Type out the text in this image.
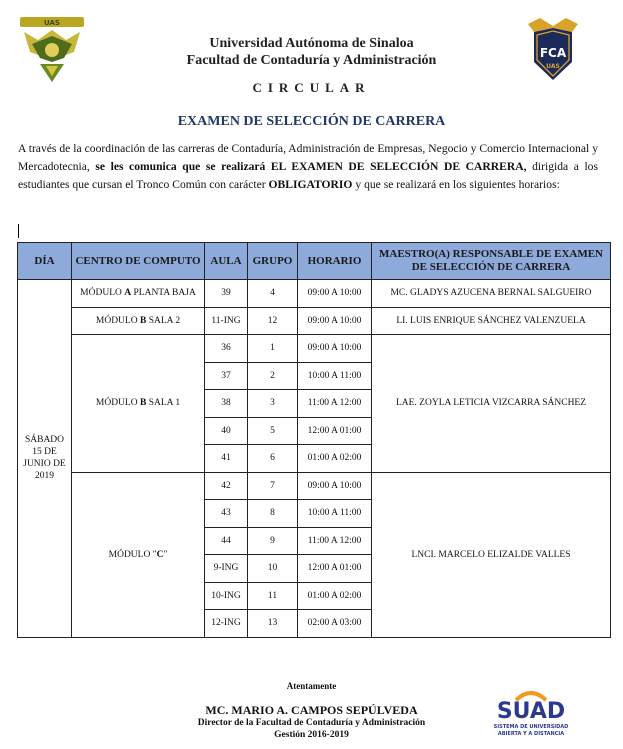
UAS
FCA
UAS
Universidad Autónoma de Sinaloa
Facultad de Contaduría y Administración
CIRCULAR
EXAMEN DE SELECCIÓN DE CARRERA
A través de la coordinación de las carreras de Contaduría, Administración de Empresas, Negocio y Comercio Internacional y Mercadotecnia, se les comunica que se realizará EL EXAMEN DE SELECCIÓN DE CARRERA, dirigida a los estudiantes que cursan el Tronco Común con carácter OBLIGATORIO y que se realizará en los siguientes horarios:
DÍA	CENTRO DE COMPUTO	AULA	GRUPO	HORARIO	MAESTRO(A) RESPONSABLE DE EXAMEN DE SELECCIÓN DE CARRERA
SÁBADO 15 DE JUNIO DE 2019	MÓDULO A PLANTA BAJA	39	4	09:00 A 10:00	MC. GLADYS AZUCENA BERNAL SALGUEIRO
	MÓDULO B SALA 2	11-ING	12	09:00 A 10:00	LI. LUIS ENRIQUE SÁNCHEZ VALENZUELA
	MÓDULO B SALA 1	36	1	09:00 A 10:00	LAE. ZOYLA LETICIA VIZCARRA SÁNCHEZ
		37	2	10:00 A 11:00	
		38	3	11:00 A 12:00	
		40	5	12:00 A 01:00	
		41	6	01:00 A 02:00	
	MÓDULO "C"	42	7	09:00 A 10:00	LNCI. MARCELO ELIZALDE VALLES
		43	8	10:00 A 11:00	
		44	9	11:00 A 12:00	
		9-ING	10	12:00 A 01:00	
		10-ING	11	01:00 A 02:00	
		12-ING	13	02:00 A 03:00	
Atentamente
MC. MARIO A. CAMPOS SEPÚLVEDA
Director de la Facultad de Contaduría y Administración
Gestión 2016-2019
SUAD
SISTEMA DE UNIVERSIDAD
ABIERTA Y A DISTANCIA
